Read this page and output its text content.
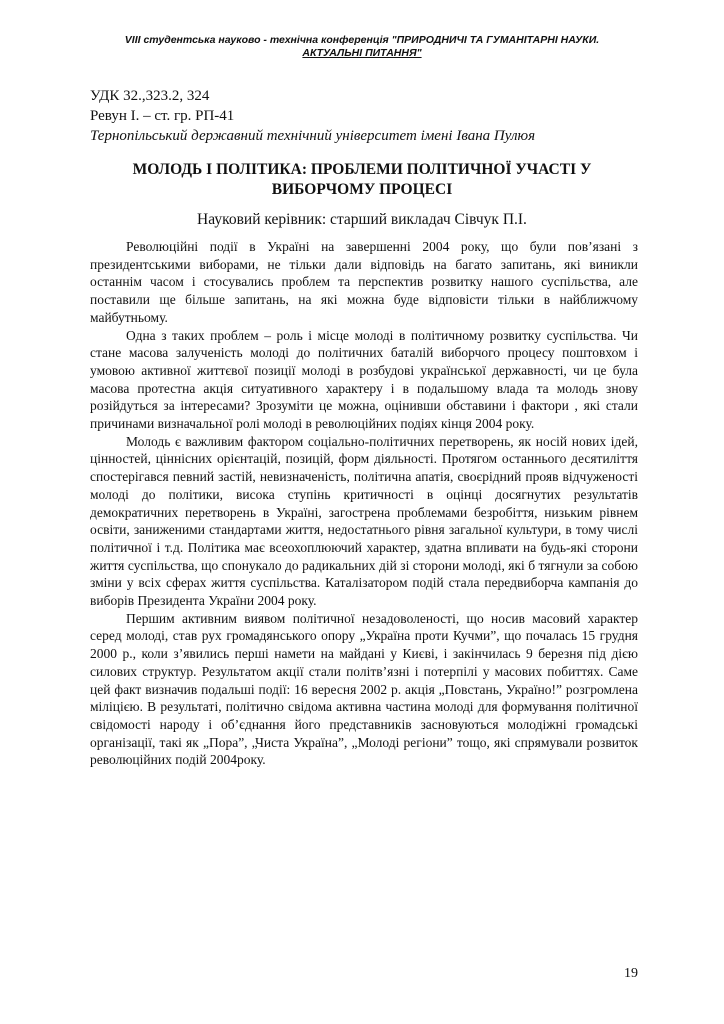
VIII студентська науково - технічна конференція "ПРИРОДНИЧІ ТА ГУМАНІТАРНІ НАУКИ.
АКТУАЛЬНІ ПИТАННЯ"
УДК 32.,323.2, 324
Ревун І. – ст. гр. РП-41
Тернопільський державний технічний університет імені Івана Пулюя
МОЛОДЬ І ПОЛІТИКА: ПРОБЛЕМИ ПОЛІТИЧНОЇ УЧАСТІ У ВИБОРЧОМУ ПРОЦЕСІ
Науковий керівник: старший викладач Сівчук П.І.

Революційні події в Україні на завершенні 2004 року, що були пов’язані з президентськими виборами, не тільки дали відповідь на багато запитань, які виникли останнім часом і стосувались проблем та перспектив розвитку нашого суспільства, але поставили ще більше запитань, на які можна буде відповісти тільки в найближчому майбутньому.

Одна з таких проблем – роль і місце молоді в політичному розвитку суспільства. Чи стане масова залученість молоді до політичних баталій виборчого процесу поштовхом і умовою активної життєвої позиції молоді в розбудові української державності, чи це була масова протестна акція ситуативного характеру і в подальшому влада та молодь знову розійдуться за інтересами? Зрозуміти це можна, оцінивши обставини і фактори , які стали причинами визначальної ролі молоді в революційних подіях кінця 2004 року.

Молодь є важливим фактором соціально-політичних перетворень, як носій нових ідей, цінностей, ціннісних орієнтацій, позицій, форм діяльності. Протягом останнього десятиліття спостерігався певний застій, невизначеність, політична апатія, своєрідний прояв відчуженості молоді до політики, висока ступінь критичності в оцінці досягнутих результатів демократичних перетворень в Україні, загострена проблемами безробіття, низьким рівнем освіти, заниженими стандартами життя, недостатнього рівня загальної культури, в тому числі політичної і т.д. Політика має всеохоплюючий характер, здатна впливати на будь-які сторони життя суспільства, що спонукало до радикальних дій зі сторони молоді, які б тягнули за собою зміни у всіх сферах життя суспільства. Каталізатором подій стала передвиборча кампанія до виборів Президента України 2004 року.

Першим активним виявом політичної незадоволеності, що носив масовий характер серед молоді, став рух громадянського опору „Україна проти Кучми”, що почалась 15 грудня 2000 р., коли з’явились перші намети на майдані у Києві, і закінчилась 9 березня під дією силових структур. Результатом акції стали політв’язні і потерпілі у масових побиттях. Саме цей факт визначив подальші події: 16 вересня 2002 р. акція „Повстань, Україно!” розгромлена міліцією. В результаті, політично свідома активна частина молоді для формування політичної свідомості народу і об’єднання його представників засновуються молодіжні громадські організації, такі як „Пора”, „Чиста Україна”, „Молоді регіони” тощо, які спрямували розвиток революційних подій 2004року.

19
